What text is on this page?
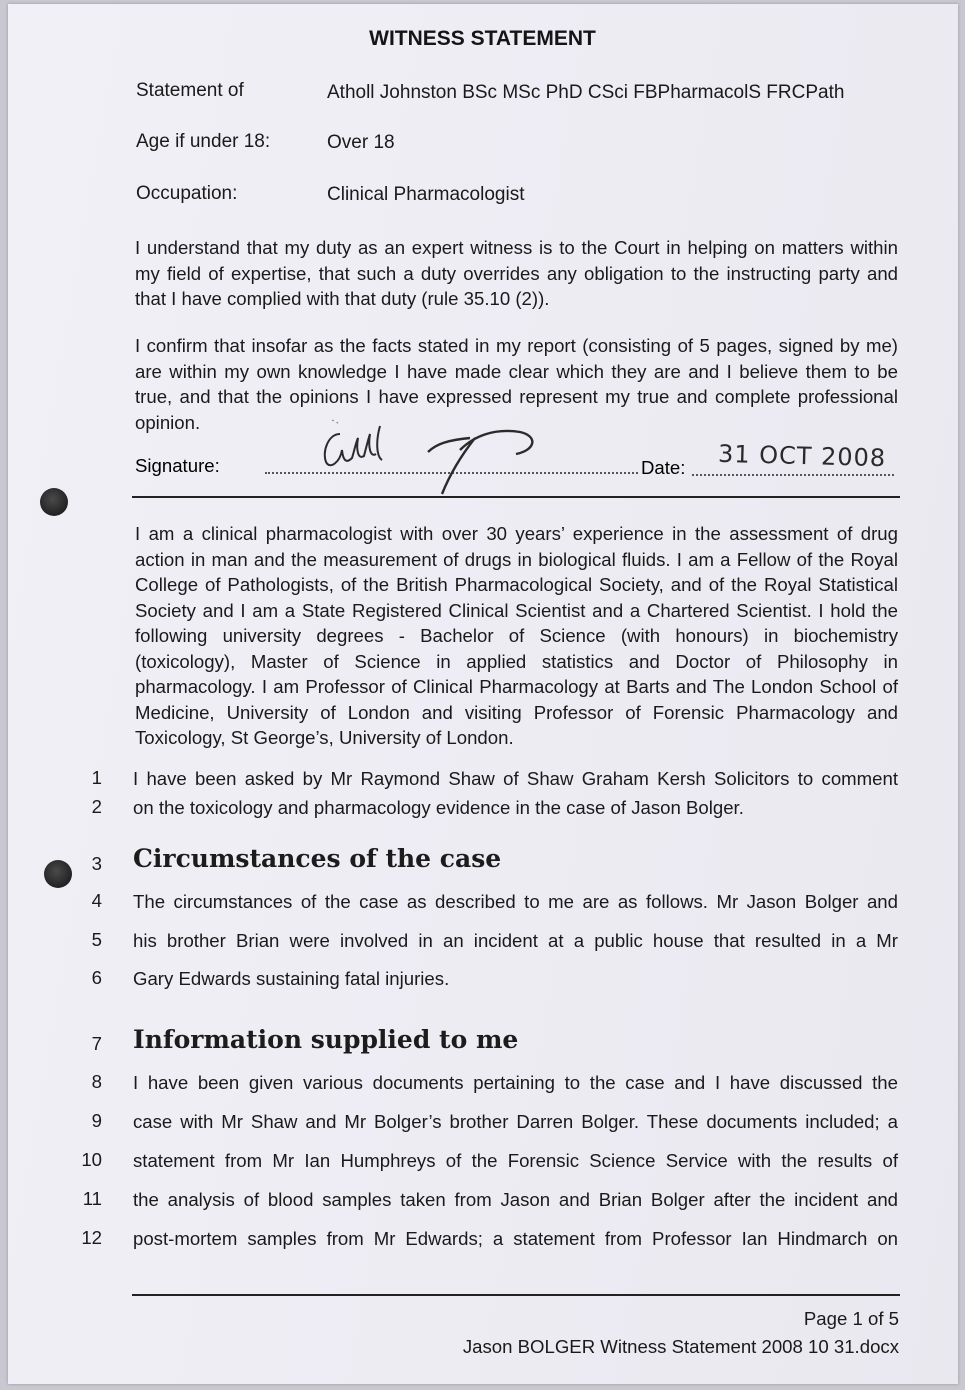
WITNESS STATEMENT
Statement of	Atholl Johnston BSc MSc PhD CSci FBPharmacolS FRCPath
Age if under 18:	Over 18
Occupation:	Clinical Pharmacologist
I understand that my duty as an expert witness is to the Court in helping on matters within my field of expertise, that such a duty overrides any obligation to the instructing party and that I have complied with that duty (rule 35.10 (2)).
I confirm that insofar as the facts stated in my report (consisting of 5 pages, signed by me) are within my own knowledge I have made clear which they are and I believe them to be true, and that the opinions I have expressed represent my true and complete professional opinion.
Signature:	Date: 31 OCT 2008
I am a clinical pharmacologist with over 30 years’ experience in the assessment of drug action in man and the measurement of drugs in biological fluids. I am a Fellow of the Royal College of Pathologists, of the British Pharmacological Society, and of the Royal Statistical Society and I am a State Registered Clinical Scientist and a Chartered Scientist. I hold the following university degrees - Bachelor of Science (with honours) in biochemistry (toxicology), Master of Science in applied statistics and Doctor of Philosophy in pharmacology. I am Professor of Clinical Pharmacology at Barts and The London School of Medicine, University of London and visiting Professor of Forensic Pharmacology and Toxicology, St George’s, University of London.
1 I have been asked by Mr Raymond Shaw of Shaw Graham Kersh Solicitors to comment
2 on the toxicology and pharmacology evidence in the case of Jason Bolger.
3 Circumstances of the case
4 The circumstances of the case as described to me are as follows. Mr Jason Bolger and
5 his brother Brian were involved in an incident at a public house that resulted in a Mr
6 Gary Edwards sustaining fatal injuries.
7 Information supplied to me
8 I have been given various documents pertaining to the case and I have discussed the
9 case with Mr Shaw and Mr Bolger’s brother Darren Bolger. These documents included; a
10 statement from Mr Ian Humphreys of the Forensic Science Service with the results of
11 the analysis of blood samples taken from Jason and Brian Bolger after the incident and
12 post-mortem samples from Mr Edwards; a statement from Professor Ian Hindmarch on
Page 1 of 5
Jason BOLGER Witness Statement 2008 10 31.docx
